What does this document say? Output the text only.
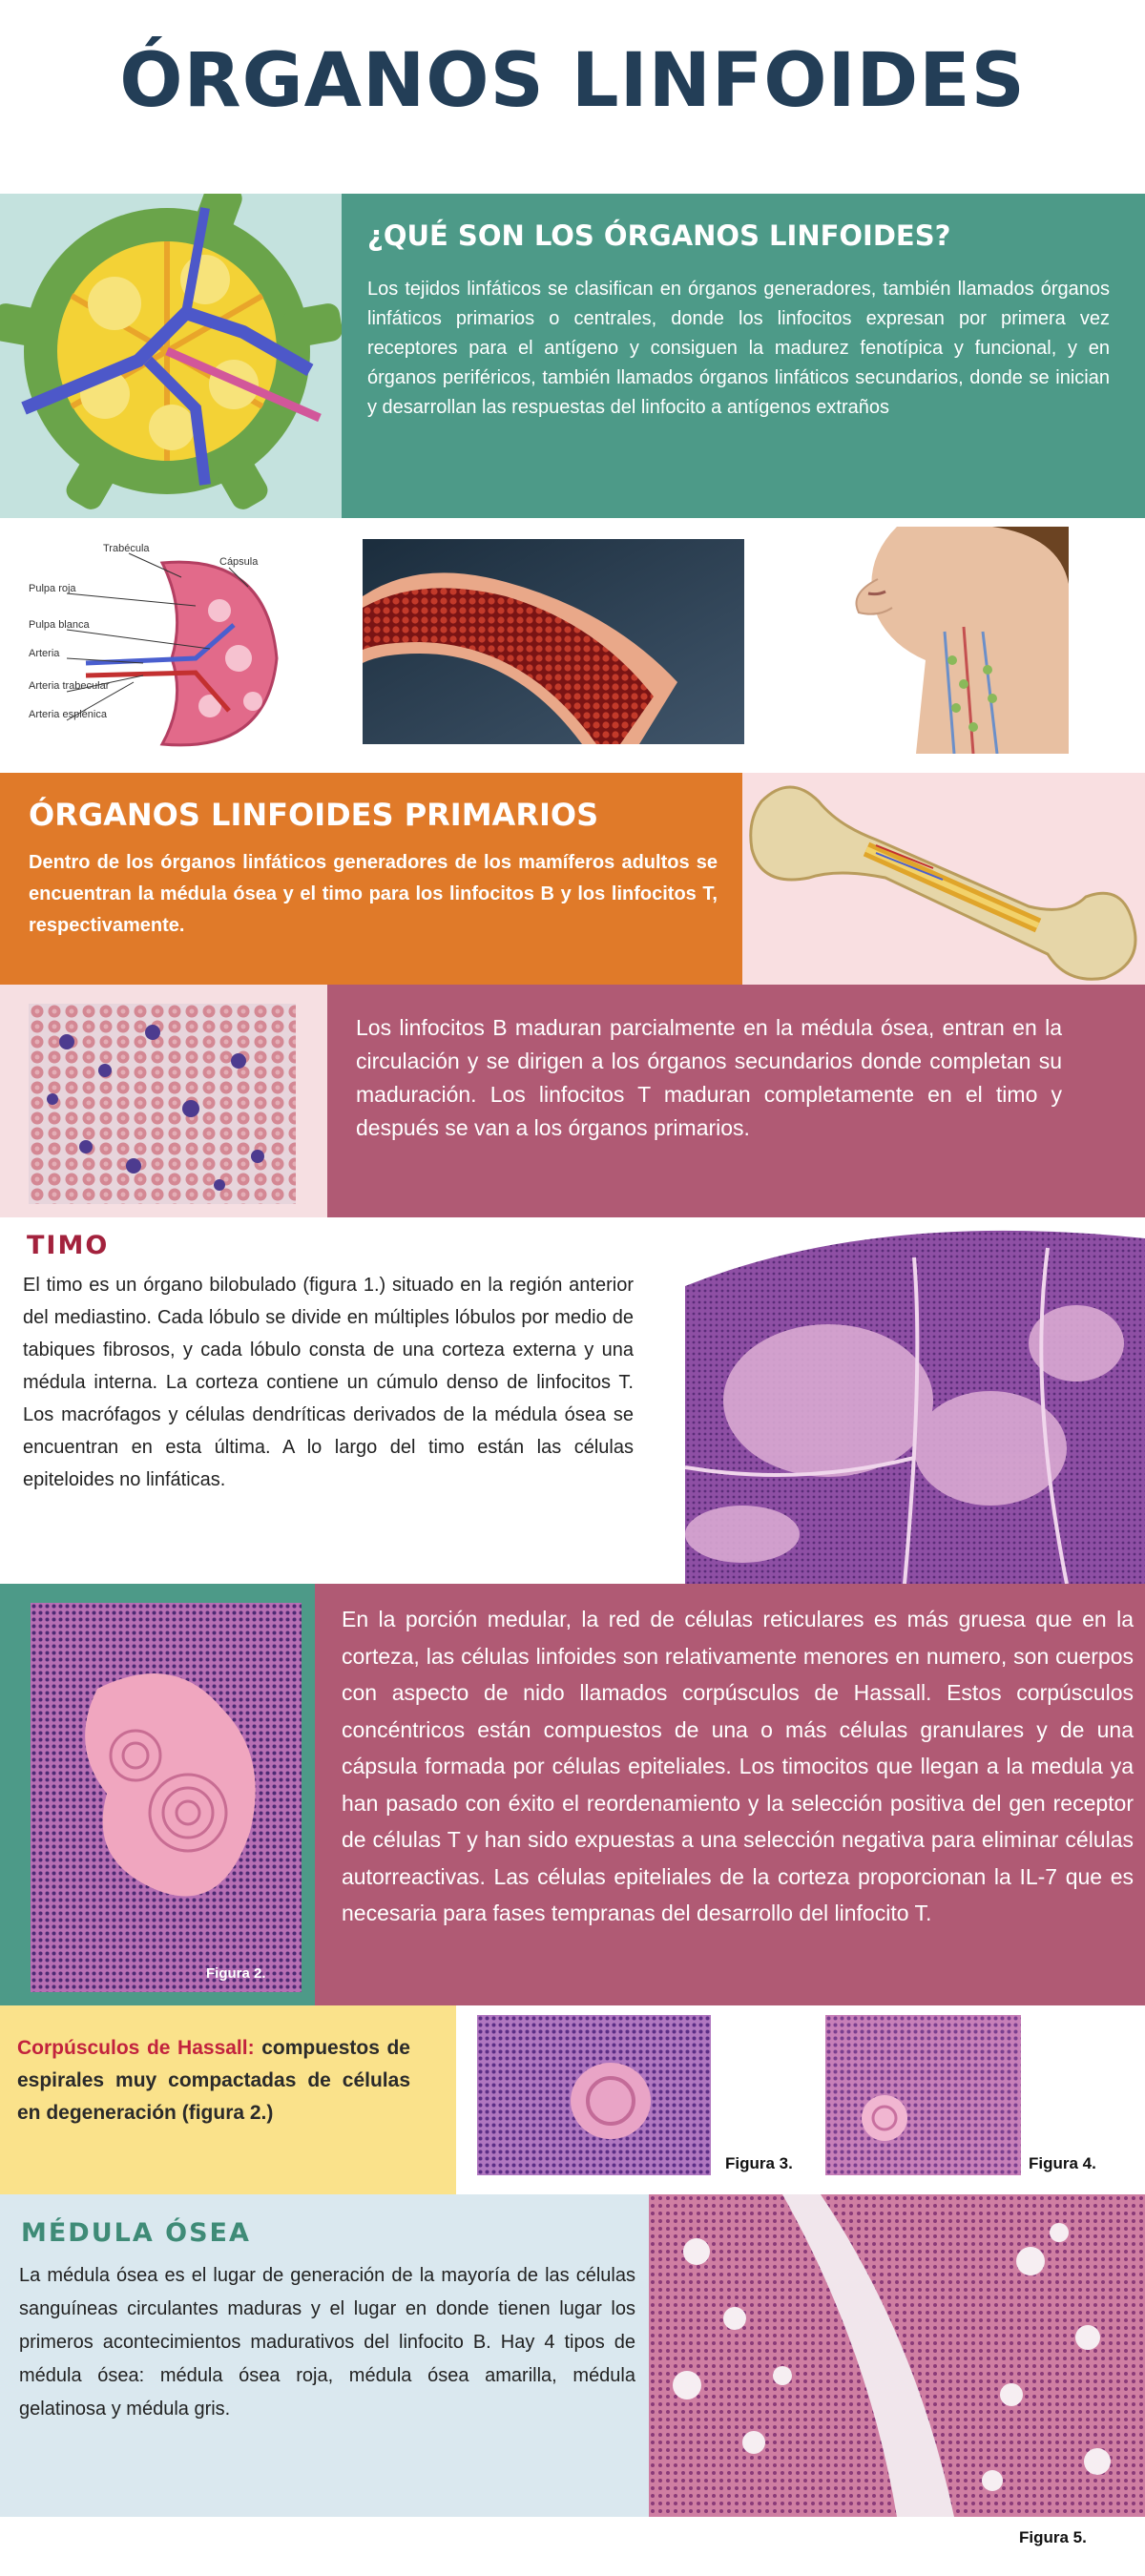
ÓRGANOS LINFOIDES
¿QUÉ SON LOS ÓRGANOS LINFOIDES?
Los tejidos linfáticos se clasifican en órganos generadores, también llamados órganos linfáticos primarios o centrales, donde los linfocitos expresan por primera vez receptores para el antígeno y consiguen la madurez fenotípica y funcional, y en órganos periféricos, también llamados órganos linfáticos secundarios, donde se inician y desarrollan las respuestas del linfocito a antígenos extraños
Trabécula
Cápsula
Pulpa roja
Pulpa blanca
Arteria
Arteria trabecular
Arteria esplénica
ÓRGANOS LINFOIDES PRIMARIOS
Dentro de los órganos linfáticos generadores de los mamíferos adultos se encuentran la médula ósea y el timo para los linfocitos B y los linfocitos T, respectivamente.
Los linfocitos B maduran parcialmente en la médula ósea, entran en la circulación y se dirigen a los órganos secundarios donde completan su maduración. Los linfocitos T maduran completamente en el timo y después se van a los órganos primarios.
TIMO
El timo es un órgano bilobulado (figura 1.) situado en la región anterior del mediastino. Cada lóbulo se divide en múltiples lóbulos por medio de tabiques fibrosos, y cada lóbulo consta de una corteza externa y una médula interna. La corteza contiene un cúmulo denso de linfocitos T. Los macrófagos y células dendríticas derivados de la médula ósea se encuentran en esta última. A lo largo del timo están las células epiteloides no linfáticas.
Figura 2.
En la porción medular, la red de células reticulares es más gruesa que en la corteza, las células linfoides son relativamente menores en numero, son cuerpos con aspecto de nido llamados corpúsculos de Hassall. Estos corpúsculos concéntricos están compuestos de una o más células granulares y de una cápsula formada por células epiteliales. Los timocitos que llegan a la medula ya han pasado con éxito el reordenamiento y la selección positiva del gen receptor de células T y han sido expuestas a una selección negativa para eliminar células autorreactivas. Las células epiteliales de la corteza proporcionan la IL-7 que es necesaria para fases tempranas del desarrollo del linfocito T.
Corpúsculos de Hassall: compuestos de espirales muy compactadas de células en degeneración (figura 2.)
Figura 3.	Figura 4.
MÉDULA ÓSEA
La médula ósea es el lugar de generación de la mayoría de las células sanguíneas circulantes maduras y el lugar en donde tienen lugar los primeros acontecimientos madurativos del linfocito B. Hay 4 tipos de médula ósea: médula ósea roja, médula ósea amarilla, médula gelatinosa y médula gris.
Figura 5.
